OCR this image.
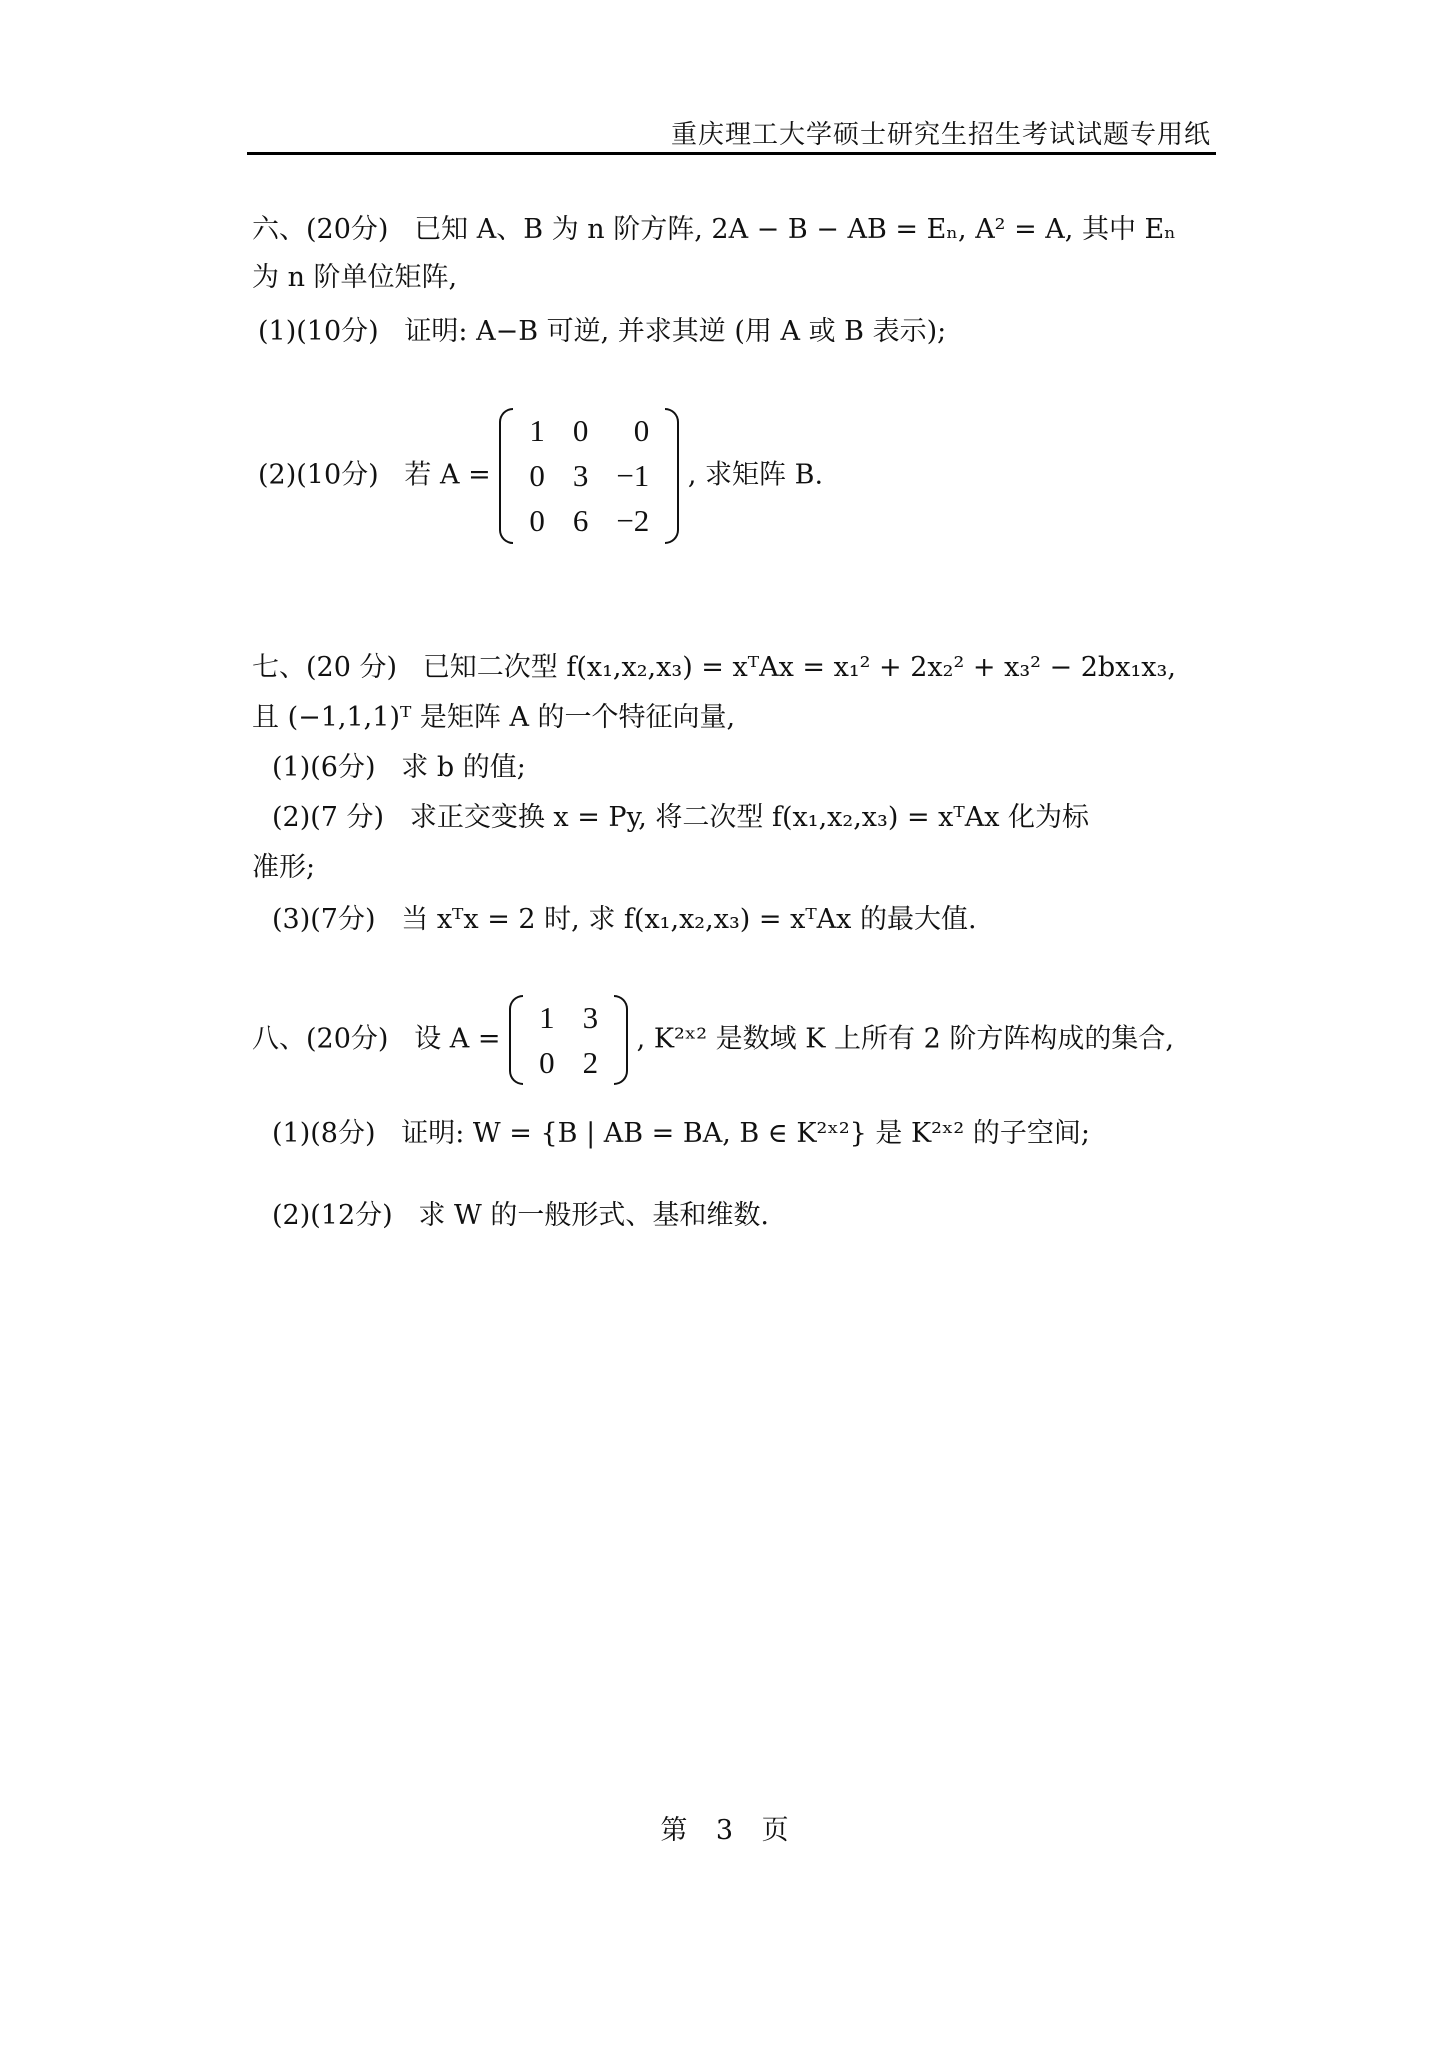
重庆理工大学硕士研究生招生考试试题专用纸
六、(20分) 已知 A、B 为 n 阶方阵, 2A − B − AB = Eₙ, A² = A, 其中 Eₙ
为 n 阶单位矩阵,
(1)(10分) 证明: A−B 可逆, 并求其逆 (用 A 或 B 表示);
(2)(10分) 若 A =
1	0	0
0	3	−1
0	6	−2
, 求矩阵 B.
七、(20 分) 已知二次型 f(x₁,x₂,x₃) = xᵀAx = x₁² + 2x₂² + x₃² − 2bx₁x₃,
且 (−1,1,1)ᵀ 是矩阵 A 的一个特征向量,
(1)(6分) 求 b 的值;
(2)(7 分) 求正交变换 x = Py, 将二次型 f(x₁,x₂,x₃) = xᵀAx 化为标
准形;
(3)(7分) 当 xᵀx = 2 时, 求 f(x₁,x₂,x₃) = xᵀAx 的最大值.
八、(20分) 设 A =
1	3
0	2
, K²ˣ² 是数域 K 上所有 2 阶方阵构成的集合,
(1)(8分) 证明: W = {B | AB = BA, B ∈ K²ˣ²} 是 K²ˣ² 的子空间;
(2)(12分) 求 W 的一般形式、基和维数.
第 3 页
